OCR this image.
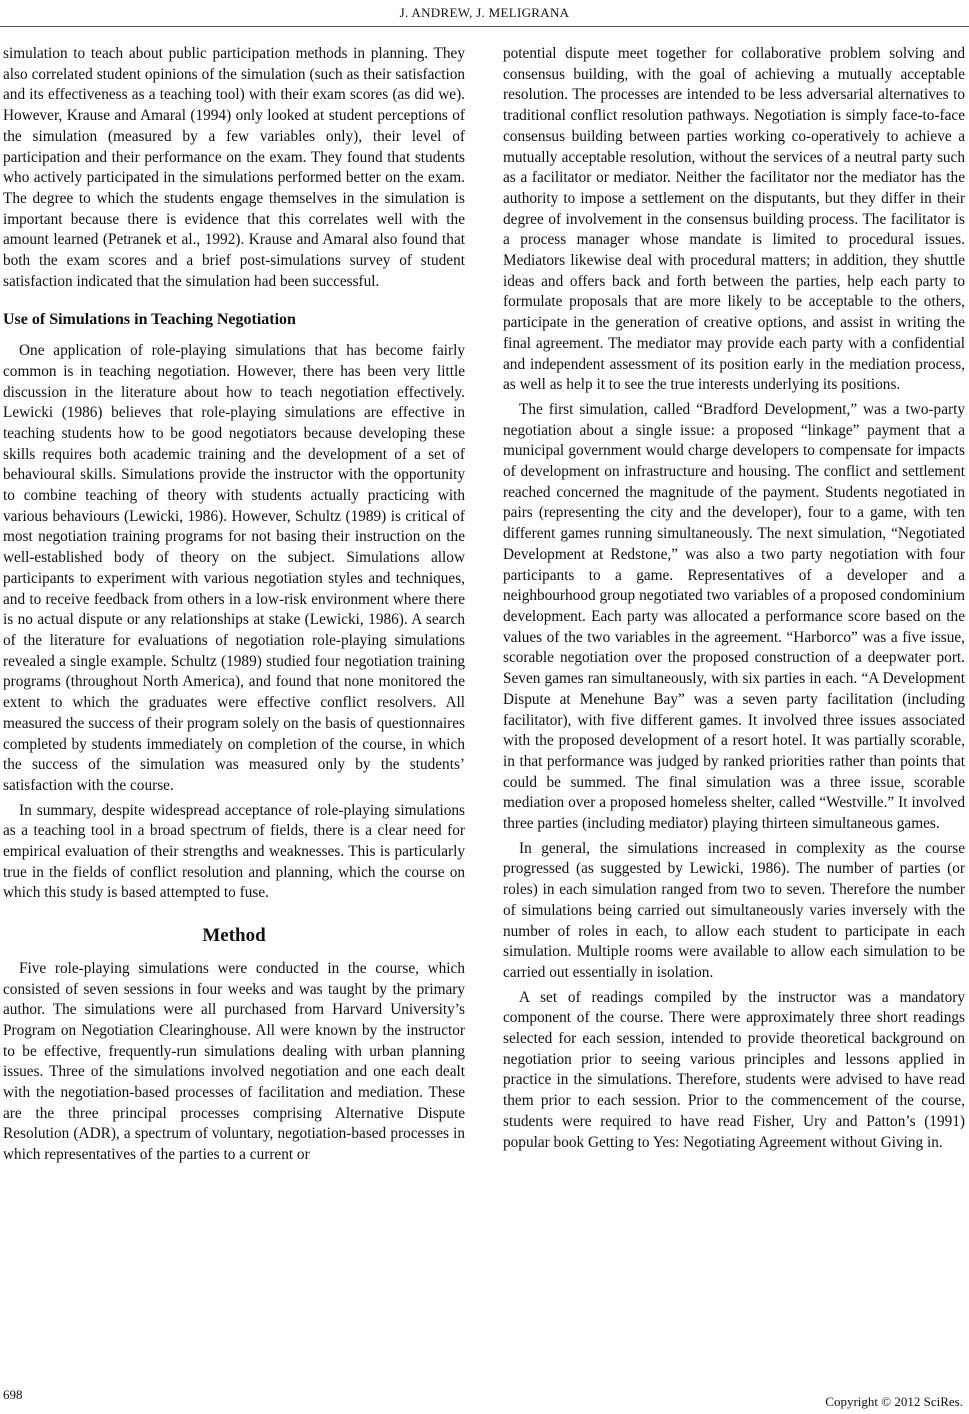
J. ANDREW, J. MELIGRANA

simulation to teach about public participation methods in planning. They also correlated student opinions of the simulation (such as their satisfaction and its effectiveness as a teaching tool) with their exam scores (as did we). However, Krause and Amaral (1994) only looked at student perceptions of the simulation (measured by a few variables only), their level of participation and their performance on the exam. They found that students who actively participated in the simulations performed better on the exam. The degree to which the students engage themselves in the simulation is important because there is evidence that this correlates well with the amount learned (Petranek et al., 1992). Krause and Amaral also found that both the exam scores and a brief post-simulations survey of student satisfaction indicated that the simulation had been successful.

Use of Simulations in Teaching Negotiation

One application of role-playing simulations that has become fairly common is in teaching negotiation. However, there has been very little discussion in the literature about how to teach negotiation effectively. Lewicki (1986) believes that role-playing simulations are effective in teaching students how to be good negotiators because developing these skills requires both academic training and the development of a set of behavioural skills. Simulations provide the instructor with the opportunity to combine teaching of theory with students actually practicing with various behaviours (Lewicki, 1986). However, Schultz (1989) is critical of most negotiation training programs for not basing their instruction on the well-established body of theory on the subject. Simulations allow participants to experiment with various negotiation styles and techniques, and to receive feedback from others in a low-risk environment where there is no actual dispute or any relationships at stake (Lewicki, 1986). A search of the literature for evaluations of negotiation role-playing simulations revealed a single example. Schultz (1989) studied four negotiation training programs (throughout North America), and found that none monitored the extent to which the graduates were effective conflict resolvers. All measured the success of their program solely on the basis of questionnaires completed by students immediately on completion of the course, in which the success of the simulation was measured only by the students’ satisfaction with the course.

In summary, despite widespread acceptance of role-playing simulations as a teaching tool in a broad spectrum of fields, there is a clear need for empirical evaluation of their strengths and weaknesses. This is particularly true in the fields of conflict resolution and planning, which the course on which this study is based attempted to fuse.

Method

Five role-playing simulations were conducted in the course, which consisted of seven sessions in four weeks and was taught by the primary author. The simulations were all purchased from Harvard University’s Program on Negotiation Clearinghouse. All were known by the instructor to be effective, frequently-run simulations dealing with urban planning issues. Three of the simulations involved negotiation and one each dealt with the negotiation-based processes of facilitation and mediation. These are the three principal processes comprising Alternative Dispute Resolution (ADR), a spectrum of voluntary, negotiation-based processes in which representatives of the parties to a current or

potential dispute meet together for collaborative problem solving and consensus building, with the goal of achieving a mutually acceptable resolution. The processes are intended to be less adversarial alternatives to traditional conflict resolution pathways. Negotiation is simply face-to-face consensus building between parties working co-operatively to achieve a mutually acceptable resolution, without the services of a neutral party such as a facilitator or mediator. Neither the facilitator nor the mediator has the authority to impose a settlement on the disputants, but they differ in their degree of involvement in the consensus building process. The facilitator is a process manager whose mandate is limited to procedural issues. Mediators likewise deal with procedural matters; in addition, they shuttle ideas and offers back and forth between the parties, help each party to formulate proposals that are more likely to be acceptable to the others, participate in the generation of creative options, and assist in writing the final agreement. The mediator may provide each party with a confidential and independent assessment of its position early in the mediation process, as well as help it to see the true interests underlying its positions.

The first simulation, called “Bradford Development,” was a two-party negotiation about a single issue: a proposed “linkage” payment that a municipal government would charge developers to compensate for impacts of development on infrastructure and housing. The conflict and settlement reached concerned the magnitude of the payment. Students negotiated in pairs (representing the city and the developer), four to a game, with ten different games running simultaneously. The next simulation, “Negotiated Development at Redstone,” was also a two party negotiation with four participants to a game. Representatives of a developer and a neighbourhood group negotiated two variables of a proposed condominium development. Each party was allocated a performance score based on the values of the two variables in the agreement. “Harborco” was a five issue, scorable negotiation over the proposed construction of a deepwater port. Seven games ran simultaneously, with six parties in each. “A Development Dispute at Menehune Bay” was a seven party facilitation (including facilitator), with five different games. It involved three issues associated with the proposed development of a resort hotel. It was partially scorable, in that performance was judged by ranked priorities rather than points that could be summed. The final simulation was a three issue, scorable mediation over a proposed homeless shelter, called “Westville.” It involved three parties (including mediator) playing thirteen simultaneous games.

In general, the simulations increased in complexity as the course progressed (as suggested by Lewicki, 1986). The number of parties (or roles) in each simulation ranged from two to seven. Therefore the number of simulations being carried out simultaneously varies inversely with the number of roles in each, to allow each student to participate in each simulation. Multiple rooms were available to allow each simulation to be carried out essentially in isolation.

A set of readings compiled by the instructor was a mandatory component of the course. There were approximately three short readings selected for each session, intended to provide theoretical background on negotiation prior to seeing various principles and lessons applied in practice in the simulations. Therefore, students were advised to have read them prior to each session. Prior to the commencement of the course, students were required to have read Fisher, Ury and Patton’s (1991) popular book Getting to Yes: Negotiating Agreement without Giving in.

698	Copyright © 2012 SciRes.
